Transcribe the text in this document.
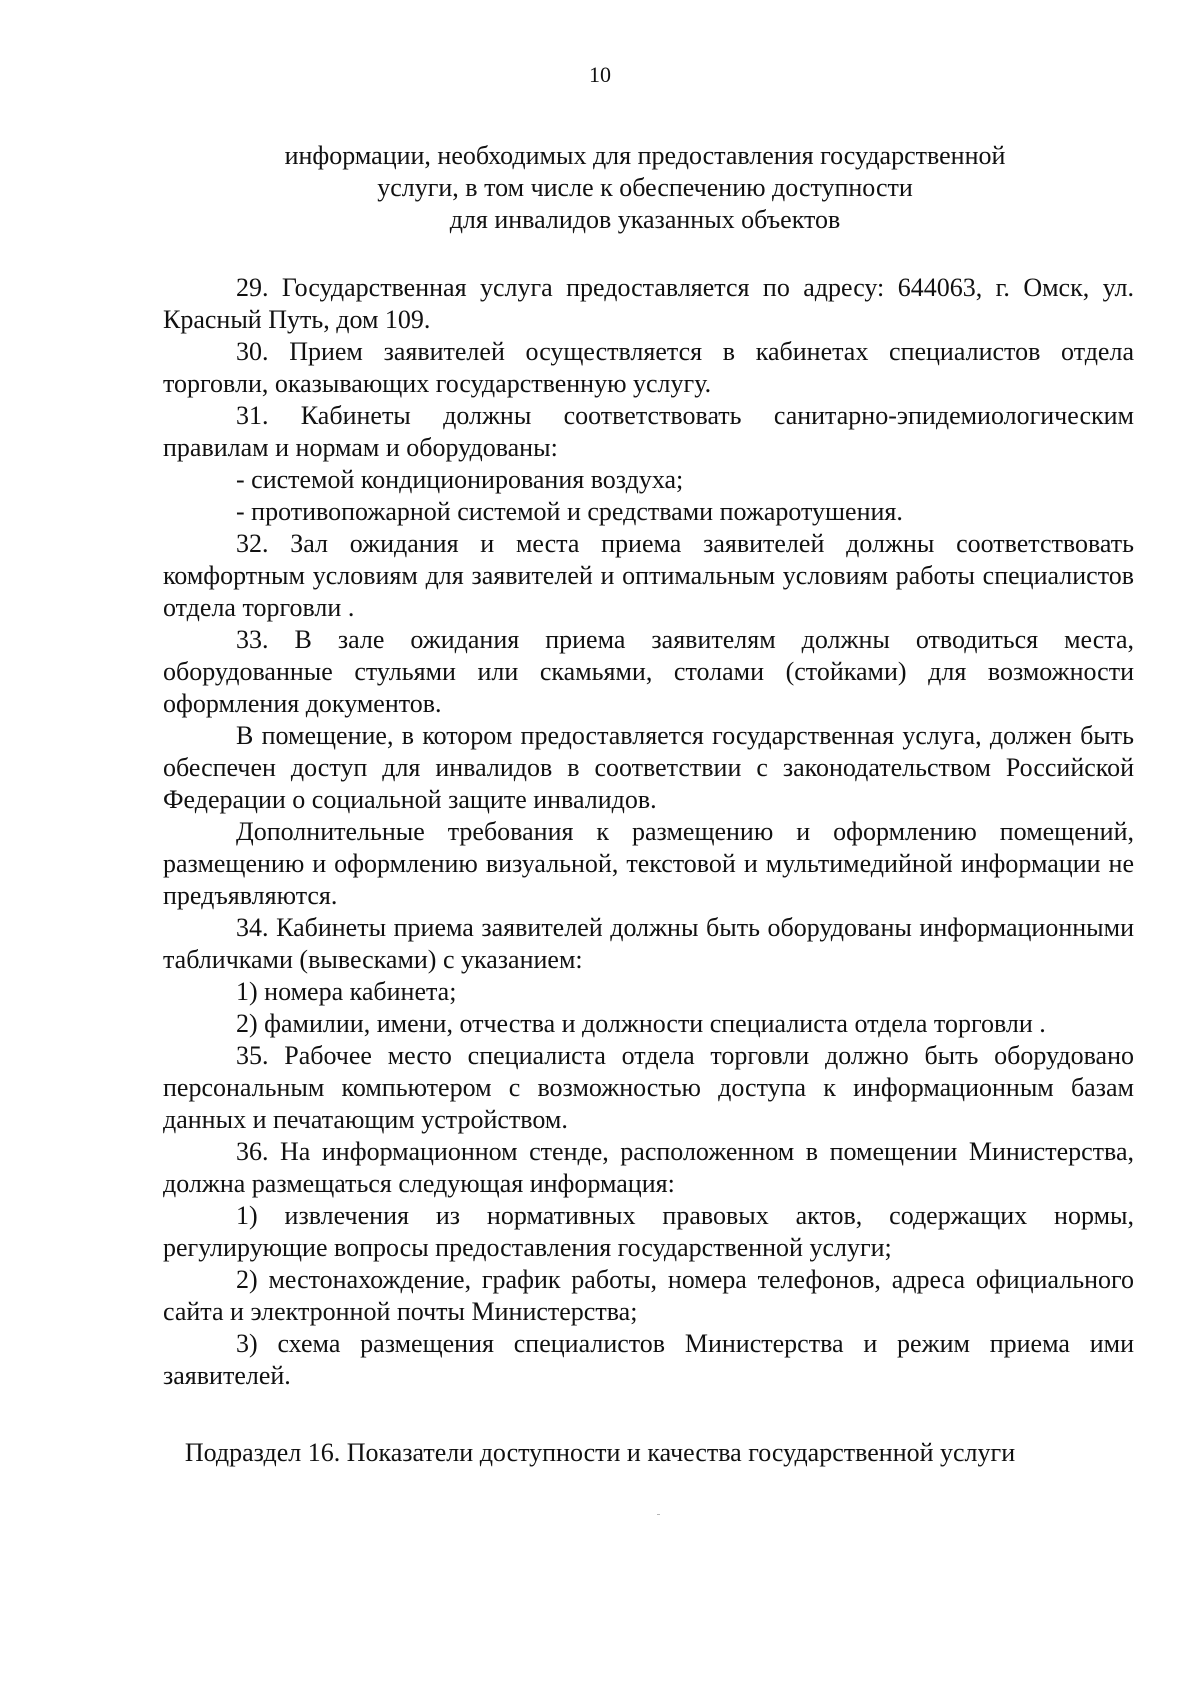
10
информации, необходимых для предоставления государственной
услуги, в том числе к обеспечению доступности
для инвалидов указанных объектов

29. Государственная услуга предоставляется по адресу: 644063, г. Омск, ул. Красный Путь, дом 109.

30. Прием заявителей осуществляется в кабинетах специалистов отдела торговли, оказывающих государственную услугу.

31. Кабинеты должны соответствовать санитарно-эпидемиологическим правилам и нормам и оборудованы:

- системой кондиционирования воздуха;

- противопожарной системой и средствами пожаротушения.

32. Зал ожидания и места приема заявителей должны соответствовать комфортным условиям для заявителей и оптимальным условиям работы специалистов отдела торговли .

33. В зале ожидания приема заявителям должны отводиться места, оборудованные стульями или скамьями, столами (стойками) для возможности оформления документов.

В помещение, в котором предоставляется государственная услуга, должен быть обеспечен доступ для инвалидов в соответствии с законодательством Российской Федерации о социальной защите инвалидов.

Дополнительные требования к размещению и оформлению помещений, размещению и оформлению визуальной, текстовой и мультимедийной информации не предъявляются.

34. Кабинеты приема заявителей должны быть оборудованы информационными табличками (вывесками) с указанием:

1) номера кабинета;

2) фамилии, имени, отчества и должности специалиста отдела торговли .

35. Рабочее место специалиста отдела торговли должно быть оборудовано персональным компьютером с возможностью доступа к информационным базам данных и печатающим устройством.

36. На информационном стенде, расположенном в помещении Министерства, должна размещаться следующая информация:

1) извлечения из нормативных правовых актов, содержащих нормы, регулирующие вопросы предоставления государственной услуги;

2) местонахождение, график работы, номера телефонов, адреса официального сайта и электронной почты Министерства;

3) схема размещения специалистов Министерства и режим приема ими заявителей.

Подраздел 16. Показатели доступности и качества государственной услуги
